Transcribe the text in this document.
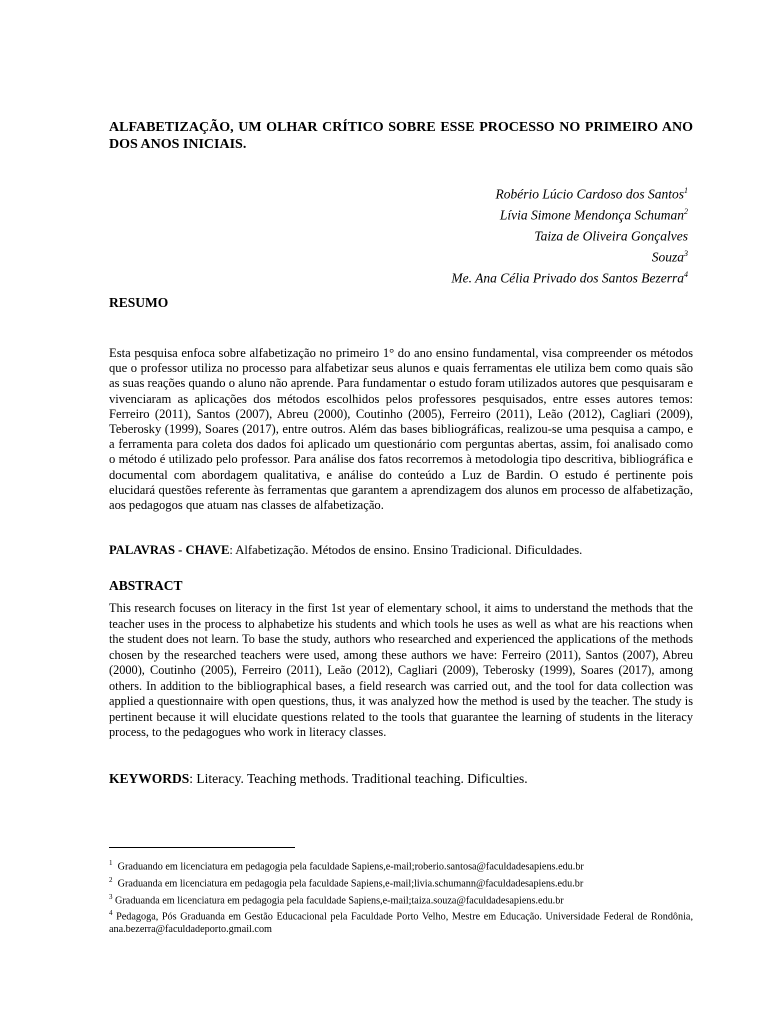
ALFABETIZAÇÃO, UM OLHAR CRÍTICO SOBRE ESSE PROCESSO NO PRIMEIRO ANO DOS ANOS INICIAIS.
Robério Lúcio Cardoso dos Santos$^1$
Lívia Simone Mendonça Schuman$^2$
Taiza de Oliveira Gonçalves
Souza$^3$
Me. Ana Célia Privado dos Santos Bezerra$^4$
RESUMO

Esta pesquisa enfoca sobre alfabetização no primeiro 1° do ano ensino fundamental, visa compreender os métodos que o professor utiliza no processo para alfabetizar seus alunos e quais ferramentas ele utiliza bem como quais são as suas reações quando o aluno não aprende. Para fundamentar o estudo foram utilizados autores que pesquisaram e vivenciaram as aplicações dos métodos escolhidos pelos professores pesquisados, entre esses autores temos: Ferreiro (2011), Santos (2007), Abreu (2000), Coutinho (2005), Ferreiro (2011), Leão (2012), Cagliari (2009), Teberosky (1999), Soares (2017), entre outros. Além das bases bibliográficas, realizou-se uma pesquisa a campo, e a ferramenta para coleta dos dados foi aplicado um questionário com perguntas abertas, assim, foi analisado como o método é utilizado pelo professor. Para análise dos fatos recorremos à metodologia tipo descritiva, bibliográfica e documental com abordagem qualitativa, e análise do conteúdo a Luz de Bardin. O estudo é pertinente pois elucidará questões referente às ferramentas que garantem a aprendizagem dos alunos em processo de alfabetização, aos pedagogos que atuam nas classes de alfabetização.

PALAVRAS - CHAVE: Alfabetização. Métodos de ensino. Ensino Tradicional. Dificuldades.

ABSTRACT

This research focuses on literacy in the first 1st year of elementary school, it aims to understand the methods that the teacher uses in the process to alphabetize his students and which tools he uses as well as what are his reactions when the student does not learn. To base the study, authors who researched and experienced the applications of the methods chosen by the researched teachers were used, among these authors we have: Ferreiro (2011), Santos (2007), Abreu (2000), Coutinho (2005), Ferreiro (2011), Leão (2012), Cagliari (2009), Teberosky (1999), Soares (2017), among others. In addition to the bibliographical bases, a field research was carried out, and the tool for data collection was applied a questionnaire with open questions, thus, it was analyzed how the method is used by the teacher. The study is pertinent because it will elucidate questions related to the tools that guarantee the learning of students in the literacy process, to the pedagogues who work in literacy classes.

KEYWORDS: Literacy. Teaching methods. Traditional teaching. Dificulties.

$^1$ Graduando em licenciatura em pedagogia pela faculdade Sapiens,e-mail;roberio.santosa@faculdadesapiens.edu.br
$^2$ Graduanda em licenciatura em pedagogia pela faculdade Sapiens,e-mail;livia.schumann@faculdadesapiens.edu.br
$^3$ Graduanda em licenciatura em pedagogia pela faculdade Sapiens,e-mail;taiza.souza@faculdadesapiens.edu.br
$^4$ Pedagoga, Pós Graduanda em Gestão Educacional pela Faculdade Porto Velho, Mestre em Educação. Universidade Federal de Rondônia, ana.bezerra@faculdadeporto.gmail.com
